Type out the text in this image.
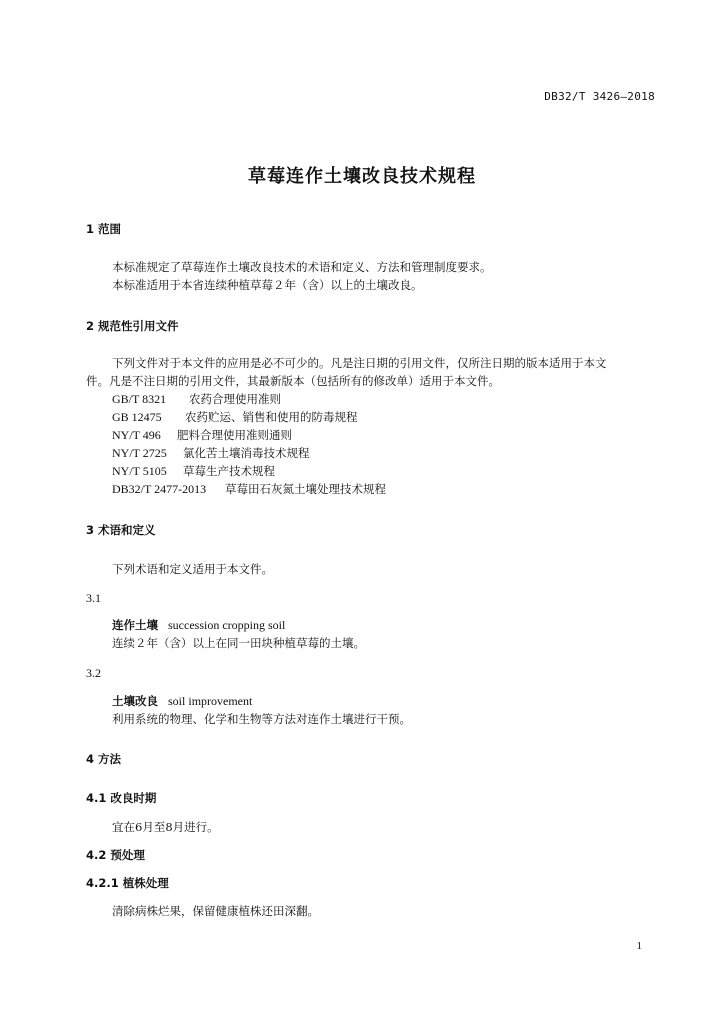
DB32/T 3426—2018
草莓连作土壤改良技术规程
1 范围
本标准规定了草莓连作土壤改良技术的术语和定义、方法和管理制度要求。
本标准适用于本省连续种植草莓２年（含）以上的土壤改良。
2 规范性引用文件
下列文件对于本文件的应用是必不可少的。凡是注日期的引用文件，仅所注日期的版本适用于本文
件。凡是不注日期的引用文件，其最新版本（包括所有的修改单）适用于本文件。
GB/T 8321 农药合理使用准则
GB 12475 农药贮运、销售和使用的防毒规程
NY/T 496 肥料合理使用准则通则
NY/T 2725 氯化苦土壤消毒技术规程
NY/T 5105 草莓生产技术规程
DB32/T 2477-2013 草莓田石灰氮土壤处理技术规程
3 术语和定义
下列术语和定义适用于本文件。
3.1
连作土壤 succession cropping soil
连续２年（含）以上在同一田块种植草莓的土壤。
3.2
土壤改良 soil improvement
利用系统的物理、化学和生物等方法对连作土壤进行干预。
4 方法
4.1 改良时期
宜在6月至8月进行。
4.2 预处理
4.2.1 植株处理
清除病株烂果，保留健康植株还田深翻。
1
